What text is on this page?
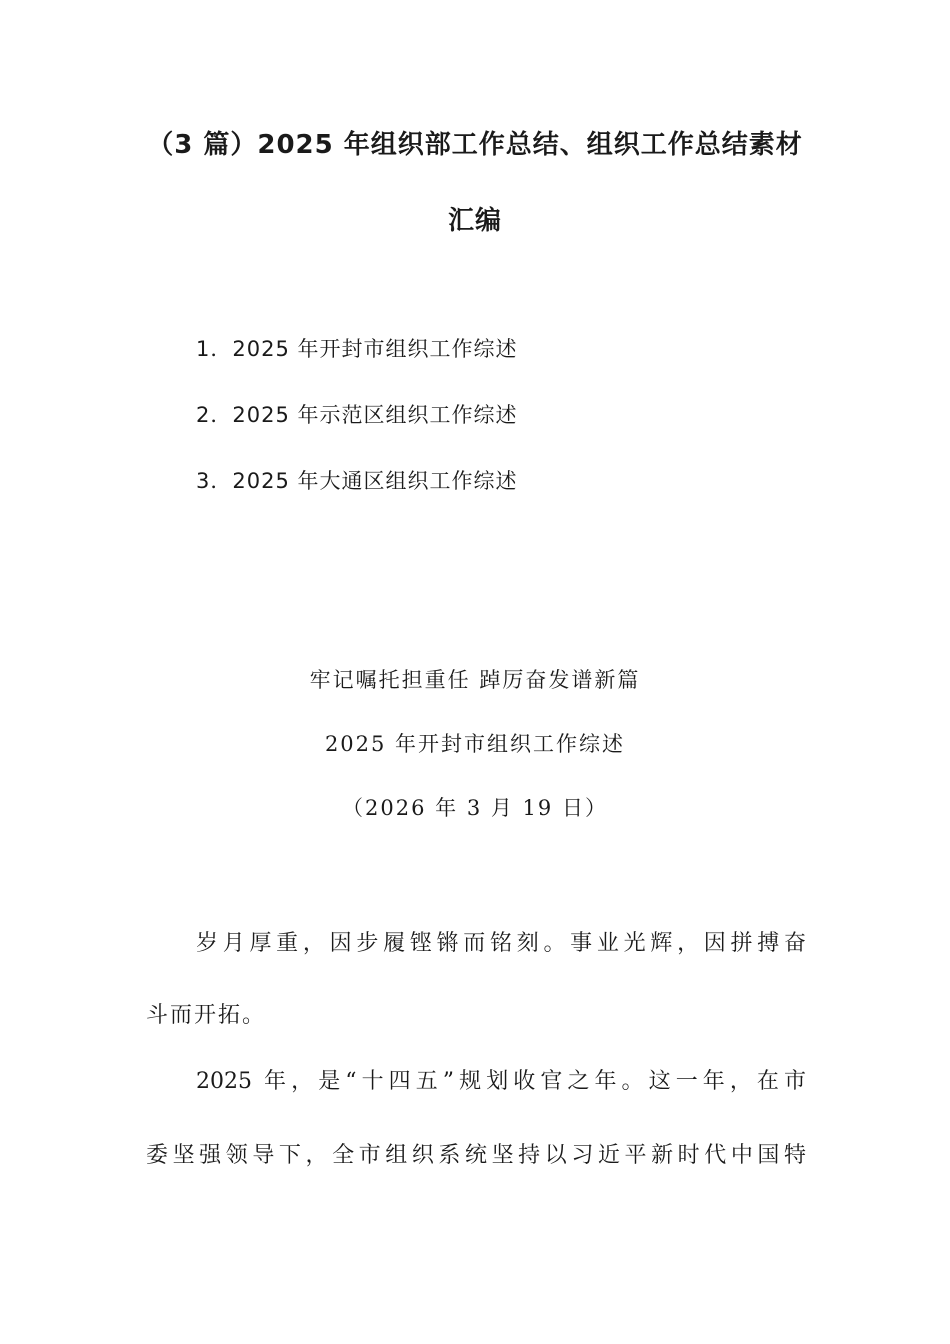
（3 篇）2025 年组织部工作总结、组织工作总结素材
汇编
1．2025 年开封市组织工作综述
2．2025 年示范区组织工作综述
3．2025 年大通区组织工作综述
牢记嘱托担重任 踔厉奋发谱新篇
2025 年开封市组织工作综述
（2026 年 3 月 19 日）
岁月厚重，因步履铿锵而铭刻。事业光辉，因拼搏奋
斗而开拓。
2025 年，是“十四五”规划收官之年。这一年，在市
委坚强领导下，全市组织系统坚持以习近平新时代中国特
